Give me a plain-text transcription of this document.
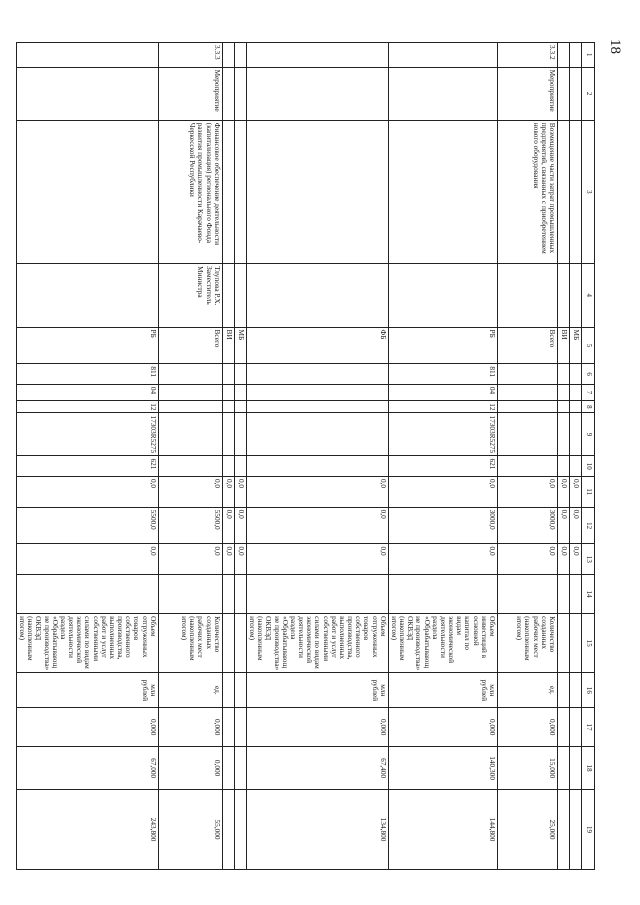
18
1	2	3	4	5	6	7	8	9	10	11	12	13	14	15	16	17	18	19
				МБ						0,0	0,0	0,0						
				ВИ						0,0	0,0	0,0						
3.3.2	Мероприятие	Возмещение части затрат промышленных предприятий, связанных с приобретением нового оборудования		Всего						0,0	3000,0	0,0		Количество созданных рабочих мест (накопленным итогом)	ед.	0,000	15,000	25,000
				РБ	811	04	12	17303R5275	621	0,0	3000,0	0,0		Объем инвестиций в основной капитал по видам экономической деятельности раздела «Обрабатывающие производства» ОКВЭД (накопленным итогом)	млн рублей	0,000	140,300	144,800
				ФБ						0,0	0,0	0,0		Объем отгруженных товаров собственного производства, выполненных работ и услуг собственными силами по видам экономической деятельности раздела «Обрабатывающие производства» ОКВЭД (накопленным итогом)	млн рублей	0,000	67,400	134,800
				МБ						0,0	0,0	0,0						
				ВИ						0,0	0,0	0,0						
3.3.3	Мероприятие	Финансовое обеспечение деятельности (капитализация) регионального Фонда развития промышленности Карачаево-Черкесской Республики	Тлупова Р.Х. Заместитель Министра	Всего						0,0	5500,0	0,0		Количество созданных рабочих мест (накопленным итогом)	ед.	0,000	0,000	55,000
				РБ	811	04	12	17303R5275	621	0,0	5500,0	0,0		Объем отгруженных товаров собственного производства, выполненных работ и услуг собственными силами по видам экономической деятельности раздела «Обрабатывающие производства» ОКВЭД (накопленным итогом)	млн рублей	0,000	67,000	243,800
